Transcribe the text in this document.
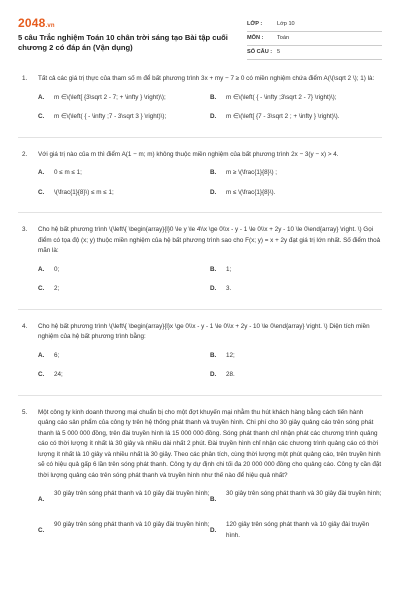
2048.vn
5 câu Trắc nghiệm Toán 10 chân trời sáng tạo Bài tập cuối chương 2 có đáp án (Vận dụng)
LỚP :	Lớp 10
MÔN :	Toán
SỐ CÂU : 5
1.	Tất cả các giá trị thực của tham số m để bất phương trình 3x + my − 7 ≥ 0 có miền nghiệm chứa điểm A(\(\sqrt 2 \); 1) là:
A.	m ∈\(\left[ {3\sqrt 2 - 7; + \infty } \right)\);	B.	m ∈\(\left( { - \infty ;3\sqrt 2 - 7} \right)\);
C.	m ∈\(\left( { - \infty ;7 - 3\sqrt 3 } \right)\);	D.	m ∈\(\left[ {7 - 3\sqrt 2 ; + \infty } \right)\).
2.	Với giá trị nào của m thì điểm A(1 − m; m) không thuộc miền nghiệm của bất phương trình 2x − 3(y − x) > 4.
A.	0 ≤ m ≤ 1;	B.	m ≥ \(\frac{1}{8}\) ;
C.	\(\frac{1}{8}\) ≤ m ≤ 1;	D.	m ≤ \(\frac{1}{8}\).
3.	Cho hệ bất phương trình \(\left\{ \begin{array}{l}0 \le y \le 4\\x \ge 0\\x - y - 1 \le 0\\x + 2y - 10 \le 0\end{array} \right. \) Gọi điểm có tọa độ (x; y) thuộc miền nghiệm của hệ bất phương trình sao cho F(x; y) = x + 2y đạt giá trị lớn nhất. Số điểm thoả mãn là:
A.	0;	B.	1;
C.	2;	D.	3.
4.	Cho hệ bất phương trình \(\left\{ \begin{array}{l}x \ge 0\\x - y - 1 \le 0\\x + 2y - 10 \le 0\end{array} \right. \) Diện tích miền nghiệm của hệ bất phương trình bằng:
A.	6;	B.	12;
C.	24;	D.	28.
5.	Một công ty kinh doanh thương mại chuẩn bị cho một đợt khuyến mại nhằm thu hút khách hàng bằng cách tiến hành quảng cáo sản phẩm của công ty trên hệ thống phát thanh và truyền hình. Chi phí cho 30 giây quảng cáo trên sóng phát thanh là 5 000 000 đồng, trên đài truyền hình là 15 000 000 đồng. Sóng phát thanh chỉ nhận phát các chương trình quảng cáo có thời lượng ít nhất là 30 giây và nhiều dài nhất 2 phút. Đài truyền hình chỉ nhận các chương trình quảng cáo có thời lượng ít nhất là 10 giây và nhiều nhất là 30 giây. Theo các phân tích, cùng thời lượng một phút quảng cáo, trên truyền hình sẽ có hiệu quả gấp 6 lần trên sóng phát thanh. Công ty dự định chi tối đa 20 000 000 đồng cho quảng cáo. Công ty cần đặt thời lượng quảng cáo trên sóng phát thanh và truyền hình như thế nào để hiệu quả nhất?
A.
30 giây trên sóng phát thanh và 10 giây đài truyền hình;
B.
30 giây trên sóng phát thanh và 30 giây đài truyền hình;
C.
90 giây trên sóng phát thanh và 10 giây đài truyền hình;
D.
120 giây trên sóng phát thanh và 10 giây đài truyền hình.
